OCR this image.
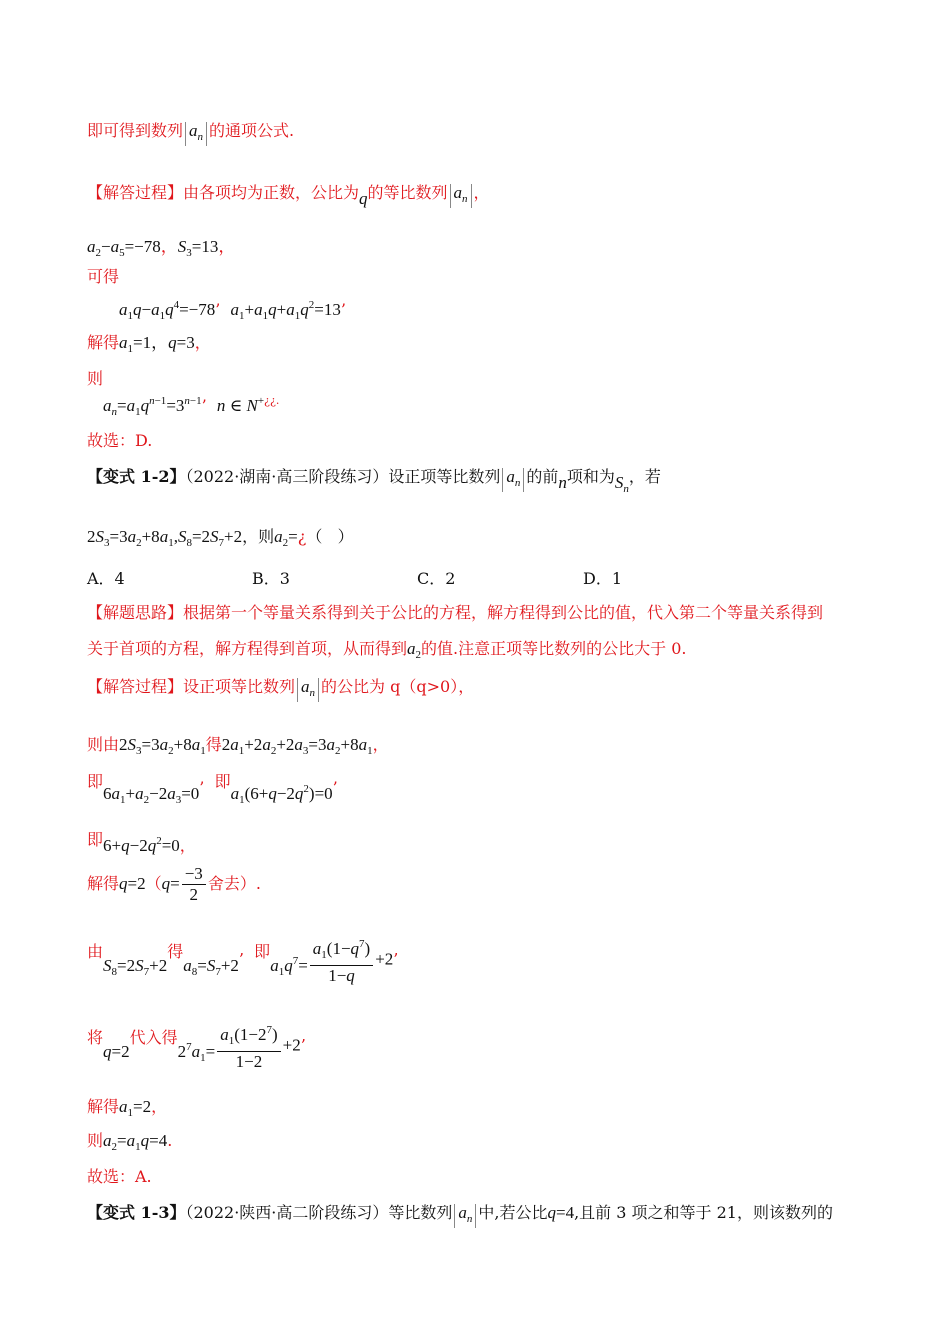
即可得到数列 $a_n$ 的通项公式.
【解答过程】由各项均为正数，公比为q的等比数列 $a_n$ ，
$a_2-a_5=-78$，$S_3=13$，
可得
$a_1q-a_1q^4=-78$’ $a_1+a_1q+a_1q^2=13$’
解得$a_1=1$，q=3，
则
$a_n=a_1q^{n-1}=3^{n-1}$’ n ∈ N+¿¿.
故选：D.
【变式 1-2】（2022·湖南·高三阶段练习）设正项等比数列 $a_n$ 的前n项和为$S_n$，若
$2S_3=3a_2+8a_1,S_8=2S_7+2$，则$a_2=¿$（   ）
A．4	B．3	C．2	D．1
【解题思路】根据第一个等量关系得到关于公比的方程，解方程得到公比的值，代入第二个等量关系得到
关于首项的方程，解方程得到首项，从而得到$a_2$的值.注意正项等比数列的公比大于 0.
【解答过程】设正项等比数列 $a_n$ 的公比为 q（q>0），
则由$2S_3=3a_2+8a_1$得$2a_1+2a_2+2a_3=3a_2+8a_1$，
即$6a_1+a_2-2a_3=0$’ 即$a_1(6+q-2q^2)=0$’
即$6+q-2q^2=0$，
解得$q=2(q= \frac{-3}{2}$ 舍去）.
由$S_8=2S_7+2$得$a_8=S_7+2$’ 即$a_1q^7= \frac{a_1(1-q^7)}{1-q} +2$’
将q=2代入得$2^7a_1= \frac{a_1(1-2^7)}{1-2} +2$’
解得$a_1=2$，
则$a_2=a_1q=4$.
故选：A.
【变式 1-3】（2022·陕西·高二阶段练习）等比数列 $a_n$ 中,若公比q=4,且前 3 项之和等于 21，则该数列的
